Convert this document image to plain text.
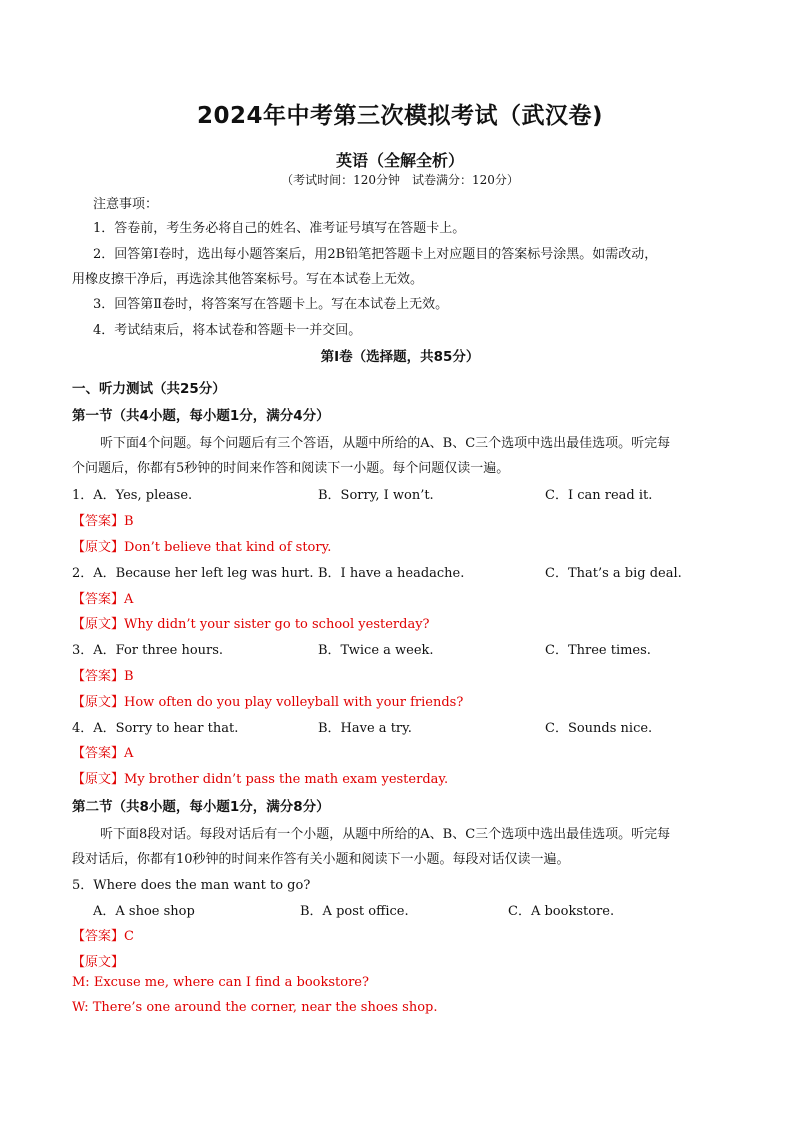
2024年中考第三次模拟考试（武汉卷)
英语（全解全析）
（考试时间：120分钟　试卷满分：120分）
注意事项：
1．答卷前，考生务必将自己的姓名、准考证号填写在答题卡上。
2．回答第Ⅰ卷时，选出每小题答案后，用2B铅笔把答题卡上对应题目的答案标号涂黑。如需改动，
用橡皮擦干净后，再选涂其他答案标号。写在本试卷上无效。
3．回答第Ⅱ卷时，将答案写在答题卡上。写在本试卷上无效。
4．考试结束后，将本试卷和答题卡一并交回。
第Ⅰ卷（选择题，共85分）
一、听力测试（共25分）
第一节（共4小题，每小题1分，满分4分）
听下面4个问题。每个问题后有三个答语，从题中所给的A、B、C三个选项中选出最佳选项。听完每
个问题后，你都有5秒钟的时间来作答和阅读下一小题。每个问题仅读一遍。
1．A．Yes, please.	B．Sorry, I won’t.	C．I can read it.
【答案】B
【原文】Don’t believe that kind of story.
2．A．Because her left leg was hurt. B．I have a headache.	C．That’s a big deal.
【答案】A
【原文】Why didn’t your sister go to school yesterday?
3．A．For three hours.	B．Twice a week.	C．Three times.
【答案】B
【原文】How often do you play volleyball with your friends?
4．A．Sorry to hear that.	B．Have a try.	C．Sounds nice.
【答案】A
【原文】My brother didn’t pass the math exam yesterday.
第二节（共8小题，每小题1分，满分8分）
听下面8段对话。每段对话后有一个小题，从题中所给的A、B、C三个选项中选出最佳选项。听完每
段对话后，你都有10秒钟的时间来作答有关小题和阅读下一小题。每段对话仅读一遍。
5．Where does the man want to go?
A．A shoe shop	B．A post office.	C．A bookstore.
【答案】C
【原文】
M: Excuse me, where can I find a bookstore?
W: There’s one around the corner, near the shoes shop.
